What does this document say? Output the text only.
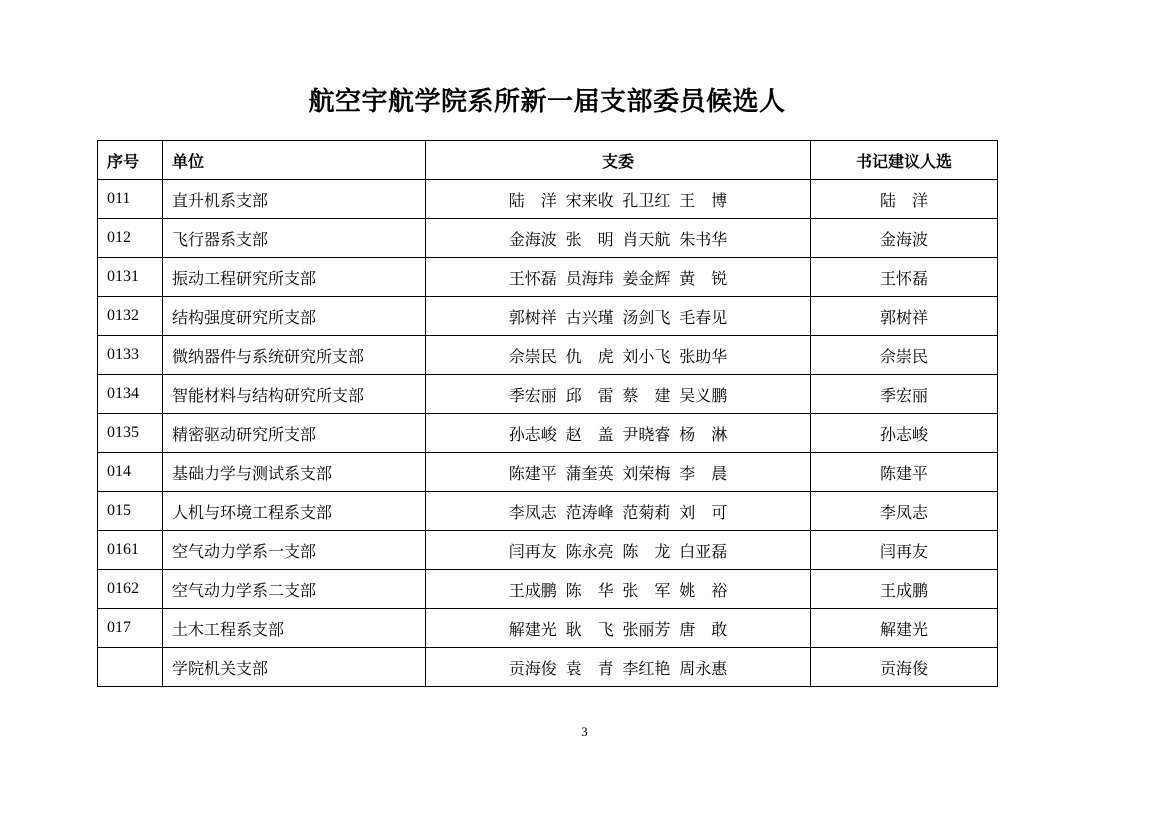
航空宇航学院系所新一届支部委员候选人
序号	单位	支委	书记建议人选
011	直升机系支部	陆　洋 宋来收 孔卫红 王　博	陆　洋
012	飞行器系支部	金海波 张　明 肖天航 朱书华	金海波
0131	振动工程研究所支部	王怀磊 员海玮 姜金辉 黄　锐	王怀磊
0132	结构强度研究所支部	郭树祥 古兴瑾 汤剑飞 毛春见	郭树祥
0133	微纳器件与系统研究所支部	佘崇民 仇　虎 刘小飞 张助华	佘崇民
0134	智能材料与结构研究所支部	季宏丽 邱　雷 蔡　建 吴义鹏	季宏丽
0135	精密驱动研究所支部	孙志峻 赵　盖 尹晓睿 杨　淋	孙志峻
014	基础力学与测试系支部	陈建平 蒲奎英 刘荣梅 李　晨	陈建平
015	人机与环境工程系支部	李凤志 范涛峰 范菊莉 刘　可	李凤志
0161	空气动力学系一支部	闫再友 陈永亮 陈　龙 白亚磊	闫再友
0162	空气动力学系二支部	王成鹏 陈　华 张　军 姚　裕	王成鹏
017	土木工程系支部	解建光 耿　飞 张丽芳 唐　敢	解建光
	学院机关支部	贡海俊 袁　青 李红艳 周永惠	贡海俊
3
